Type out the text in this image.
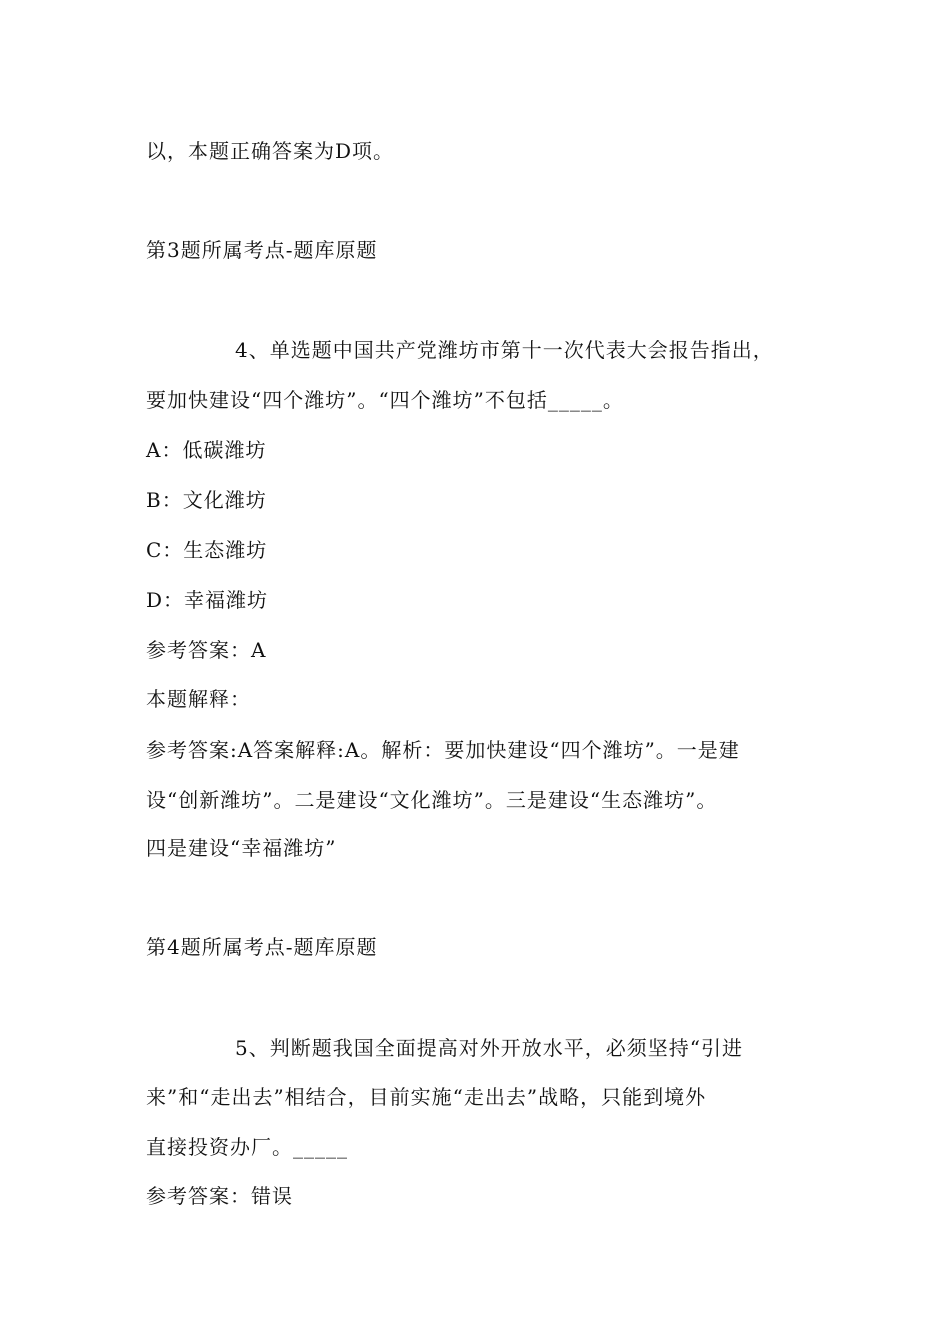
以，本题正确答案为D项。
第3题所属考点-题库原题
4、单选题中国共产党潍坊市第十一次代表大会报告指出，
要加快建设“四个潍坊”。“四个潍坊”不包括_____。
A：低碳潍坊
B：文化潍坊
C：生态潍坊
D：幸福潍坊
参考答案：A
本题解释：
参考答案:A答案解释:A。解析：要加快建设“四个潍坊”。一是建
设“创新潍坊”。二是建设“文化潍坊”。三是建设“生态潍坊”。
四是建设“幸福潍坊”
第4题所属考点-题库原题
5、判断题我国全面提高对外开放水平，必须坚持“引进
来”和“走出去”相结合，目前实施“走出去”战略，只能到境外
直接投资办厂。_____
参考答案：错误
